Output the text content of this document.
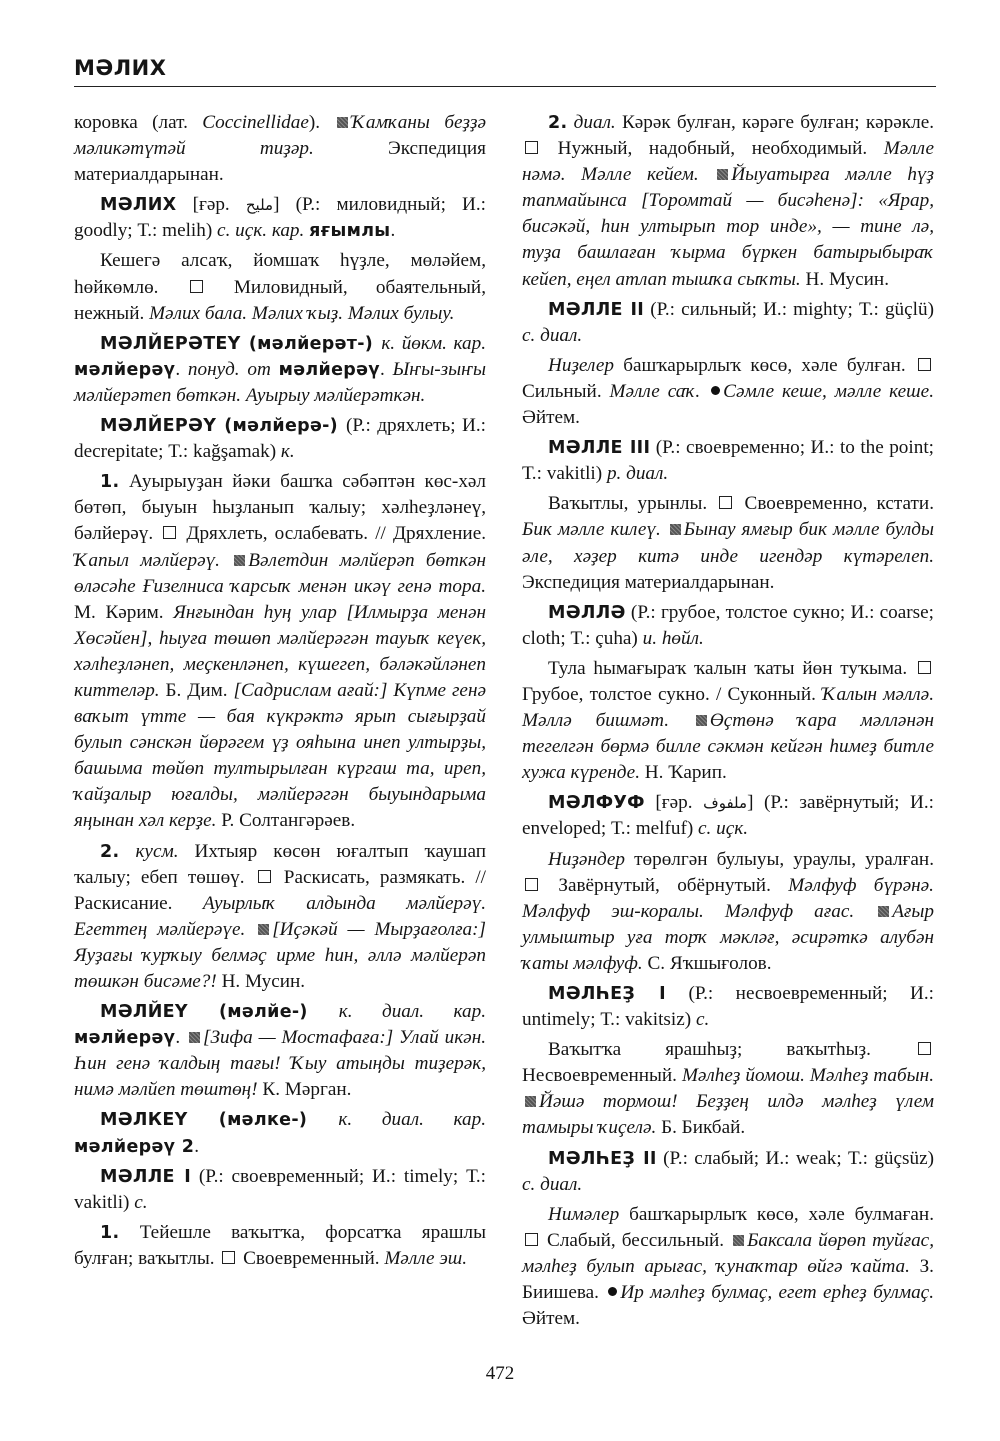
МӘЛИХ

коровка (лат. Coccinellidae). Ҡамҡаны беҙҙә мәликәтүтәй тиҙәр. Экспедиция материалдарынан.

МӘЛИХ [ғәр. ملیح] (Р.: миловидный; И.: goodly; Т.: melih) с. иҫк. кар. яғымлы.

Кешегә алсаҡ, йомшаҡ һүҙле, мөләйем, һөйкөмлө.  Миловидный, обаятельный, нежный. Мәлих бала. Мәлих ҡыҙ. Мәлих булыу.

МӘЛЙЕРӘТЕҮ (мәлйерәт-) к. йөкм. кар. мәлйерәү. понуд. от мәлйерәү. Ыҥы-зыҥы мәлйерәтеп бөткән. Ауырыу мәлйерәткән.

МӘЛЙЕРӘҮ (мәлйерә-) (Р.: дряхлеть; И.: decrepitate; Т.: kağşamak) к.

1. Ауырыуҙан йәки башҡа сәбәптән көс-хәл бөтөп, быуын һыҙланып ҡалыу; хәлһеҙләнеү, бәлйерәү.  Дряхлеть, ослабевать. // Дряхление. Ҡапыл мәлйерәү. Вәлетдин мәлйерәп бөткән өләсәһе Ғизелниса ҡарсыҡ менән икәү генә тора. М. Кәрим. Янғындан һуң улар [Илмырҙа менән Хөсәйен], һыуға төшөп мәлйерәгән тауыҡ кеүек, хәлһеҙләнеп, меҫкенләнеп, күшегеп, бәләкәйләнеп киттеләр. Б. Дим. [Садрислам ағай:] Күпме генә ваҡыт үтте — бая күкрәктә ярып сығырҙай булып сәнскән йөрәгем үҙ ояһына инеп ултырҙы, башыма төйөп тултырылған күргаш та, иреп, ҡайҙалыр юғалды, мәлйерәгән быуындарыма яңынан хәл керҙе. Р. Солтангәрәев.

2. кусм. Ихтыяр көсөн юғалтып ҡаушап ҡалыу; ебеп төшөү.  Раскисать, размякать. // Раскисание. Ауырлыҡ алдында мәлйерәү. Егеттең мәлйерәүе. [Иҫәкәй — Мырҙағолға:] Яуҙағы ҡурҡыу белмәҫ ирме һин, әллә мәлйерәп төшкән бисәме?! Н. Мусин.

МӘЛЙЕҮ (мәлйе-) к. диал. кар. мәлйерәү. [Зифа — Мостафаға:] Улай икән. Һин генә ҡалдың тағы! Ҡыу атыңды тиҙерәк, нимә мәлйеп төштөң! К. Мәрган.

МӘЛКЕҮ (мәлке-) к. диал. кар. мәлйерәү 2.

МӘЛЛЕ I (Р.: своевременный; И.: timely; Т.: vakitli) с.

1. Тейешле ваҡытҡа, форсатҡа ярашлы булған; ваҡытлы.  Своевременный. Мәлле эш.

2. диал. Кәрәк булған, кәрәге булған; кәрәкле.  Нужный, надобный, необходимый. Мәлле нәмә. Мәлле кейем. Йыуатырға мәлле һүҙ тапмайынса [Торомтай — бисәһенә]: «Ярар, бисәкәй, һин ултырып тор инде», — тине лә, туҙа башлаған ҡырма бүркен батырыбыраҡ кейеп, еңел атлап тышҡа сыҡты. Н. Мусин.

МӘЛЛЕ II (Р.: сильный; И.: mighty; Т.: güçlü) с. диал.

Ниҙелер башҡарырлыҡ көсө, хәле булған.  Сильный. Мәлле саҡ. Сәмле кеше, мәлле кеше. Әйтем.

МӘЛЛЕ III (Р.: своевременно; И.: to the point; Т.: vakitli) р. диал.

Ваҡытлы, урынлы.  Своевременно, кстати. Бик мәлле килеү. Бынау ямғыр бик мәлле булды әле, хәҙер китә инде игендәр күтәрелеп. Экспедиция материалдарынан.

МӘЛЛӘ (Р.: грубое, толстое сукно; И.: coarse; cloth; Т.: çuha) и. һөйл.

Тула һымағыраҡ ҡалын ҡаты йөн туҡыма.  Грубое, толстое сукно. / Суконный. Ҡалын мәллә. Мәллә бишмәт. Өҫтөнә ҡара мәлләнән тегелгән бөрмә билле сәкмән кейгән һимеҙ битле хужа күренде. Н. Ҡарип.

МӘЛФУФ [ғәр. ملفوف] (Р.: завёрнутый; И.: enveloped; Т.: melfuf) с. иҫк.

Ниҙәндер төрөлгән булыуы, ураулы, уралған.  Завёрнутый, обёрнутый. Мәлфуф бүрәнә. Мәлфуф эш-коралы. Мәлфуф ағас. Ағыр улмыштыр уға торҡ мәкләғ, әсирәткә алубән ҡаты мәлфуф. С. Яҡшығолов.

МӘЛҺЕҘ I (Р.: несвоевременный; И.: untimely; Т.: vakitsiz) с.

Ваҡытҡа ярашһыҙ; ваҡытһыҙ.  Несвоевременный. Мәлһеҙ йомош. Мәлһеҙ табын. Йәшә тормош! Беҙҙең илдә мәлһеҙ үлем тамыры ҡиҫелә. Б. Бикбай.

МӘЛҺЕҘ II (Р.: слабый; И.: weak; Т.: güçsüz) с. диал.

Нимәлер башҡарырлыҡ көсө, хәле булмаған.  Слабый, бессильный. Баксала йөрөп туйғас, мәлһеҙ булып арығас, ҡунаҡтар өйгә ҡайта. З. Биишева. Ир мәлһеҙ булмаҫ, егет ерһеҙ булмаҫ. Әйтем.

472
